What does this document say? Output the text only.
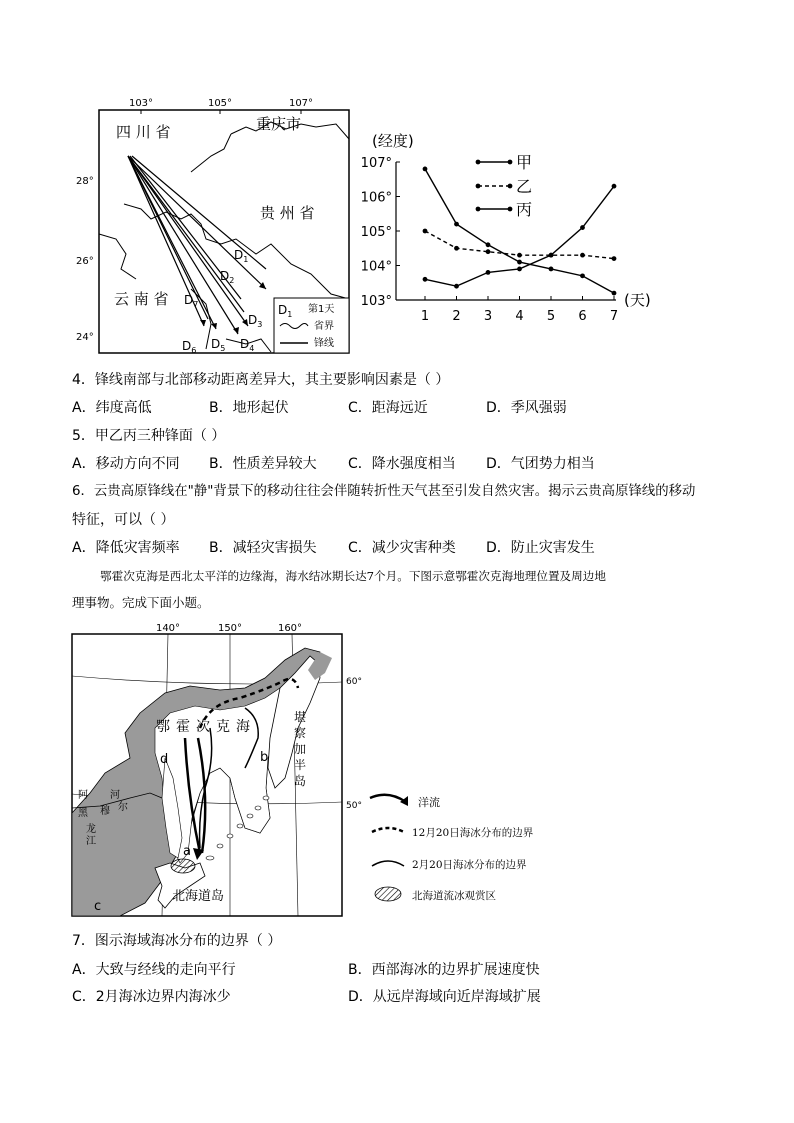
103°	105°	107°
28°
26°
24°
四 川 省	重庆市
贵 州 省
云 南 省
$D_1$
$D_2$
$D_3$
$D_4$
$D_5$
$D_6$
$D_7$	$D_1$ 第1天
省界
锋线
(经度)
(天)
107°
106°
105°
104°
103°
1 2 3 4 5 6 7
甲
乙
丙
4．锋线南部与北部移动距离差异大，其主要影响因素是（ ）
A．纬度高低	B．地形起伏	C．距海远近	D．季风强弱
5．甲乙丙三种锋面（ ）
A．移动方向不同 B．性质差异较大 C．降水强度相当 D．气团势力相当
6．云贵高原锋线在"静"背景下的移动往往会伴随转折性天气甚至引发自然灾害。揭示云贵高原锋线的移动
特征，可以（ ）
A．降低灾害频率 B．减轻灾害损失 C．减少灾害种类 D．防止灾害发生
鄂霍次克海是西北太平洋的边缘海，海水结冰期长达7个月。下图示意鄂霍次克海地理位置及周边地
理事物。完成下面小题。
140°	150°	160°
60°
50°
鄂 霍 次 克 海
堪
察
加
半
岛
阿 河
黑 穆 尔
龙
江
北海道岛
a
b
c
d
洋流
12月20日海冰分布的边界
2月20日海冰分布的边界
北海道流冰观赏区
7．图示海域海冰分布的边界（ ）
A．大致与经线的走向平行	B．西部海冰的边界扩展速度快
C．2月海冰边界内海冰少	D．从远岸海域向近岸海域扩展
